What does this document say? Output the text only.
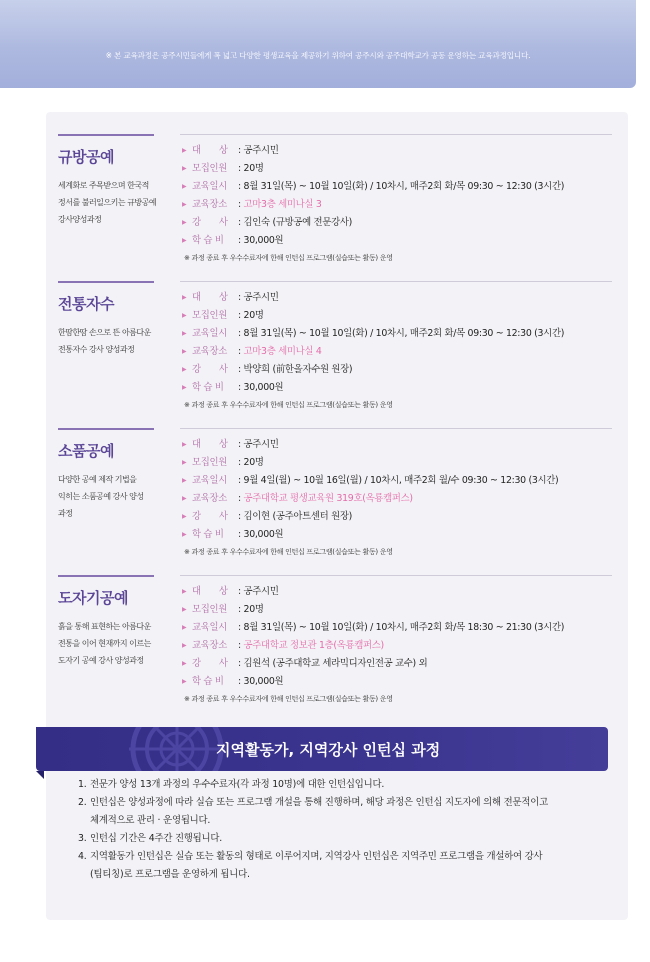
※ 본 교육과정은 공주시민들에게 폭 넓고 다양한 평생교육을 제공하기 위하여 공주시와 공주대학교가 공동 운영하는 교육과정입니다.
규방공예
세계화로 주목받으며 한국적
정서를 불러일으키는 규방공예
강사양성과정
▶ 대　　상 : 공주시민
▶ 모집인원 : 20명
▶ 교육일시 : 8월 31일(목) ~ 10월 10일(화) / 10차시, 매주2회 화/목 09:30 ~ 12:30 (3시간)
▶ 교육장소 : 고마3층 세미나실 3
▶ 강　　사 : 김인숙 (규방공예 전문강사)
▶ 학 습 비 : 30,000원
※ 과정 종료 후 우수수료자에 한해 인턴십 프로그램(실습또는 활동) 운영
전통자수
한땀한땀 손으로 뜬 아름다운
전통자수 강사 양성과정
▶ 대　　상 : 공주시민
▶ 모집인원 : 20명
▶ 교육일시 : 8월 31일(목) ~ 10월 10일(화) / 10차시, 매주2회 화/목 09:30 ~ 12:30 (3시간)
▶ 교육장소 : 고마3층 세미나실 4
▶ 강　　사 : 박양희 (前한올자수원 원장)
▶ 학 습 비 : 30,000원
※ 과정 종료 후 우수수료자에 한해 인턴십 프로그램(실습또는 활동) 운영
소품공예
다양한 공예 제작 기법을
익히는 소품공예 강사 양성
과정
▶ 대　　상 : 공주시민
▶ 모집인원 : 20명
▶ 교육일시 : 9월 4일(월) ~ 10월 16일(월) / 10차시, 매주2회 월/수 09:30 ~ 12:30 (3시간)
▶ 교육장소 : 공주대학교 평생교육원 319호(옥룡캠퍼스)
▶ 강　　사 : 김이현 (공주아트센터 원장)
▶ 학 습 비 : 30,000원
※ 과정 종료 후 우수수료자에 한해 인턴십 프로그램(실습또는 활동) 운영
도자기공예
흙을 통해 표현하는 아름다운
전통을 이어 현재까지 이르는
도자기 공예 강사 양성과정
▶ 대　　상 : 공주시민
▶ 모집인원 : 20명
▶ 교육일시 : 8월 31일(목) ~ 10월 10일(화) / 10차시, 매주2회 화/목 18:30 ~ 21:30 (3시간)
▶ 교육장소 : 공주대학교 정보관 1층(옥룡캠퍼스)
▶ 강　　사 : 김원석 (공주대학교 세라믹디자인전공 교수) 외
▶ 학 습 비 : 30,000원
※ 과정 종료 후 우수수료자에 한해 인턴십 프로그램(실습또는 활동) 운영
지역활동가, 지역강사 인턴십 과정
1. 전문가 양성 13개 과정의 우수수료자(각 과정 10명)에 대한 인턴십입니다.
2. 인턴십은 양성과정에 따라 실습 또는 프로그램 개설을 통해 진행하며, 해당 과정은 인턴십 지도자에 의해 전문적이고
체계적으로 관리 · 운영됩니다.
3. 인턴십 기간은 4주간 진행됩니다.
4. 지역활동가 인턴십은 실습 또는 활동의 형태로 이루어지며, 지역강사 인턴십은 지역주민 프로그램을 개설하여 강사
(팀티칭)로 프로그램을 운영하게 됩니다.
